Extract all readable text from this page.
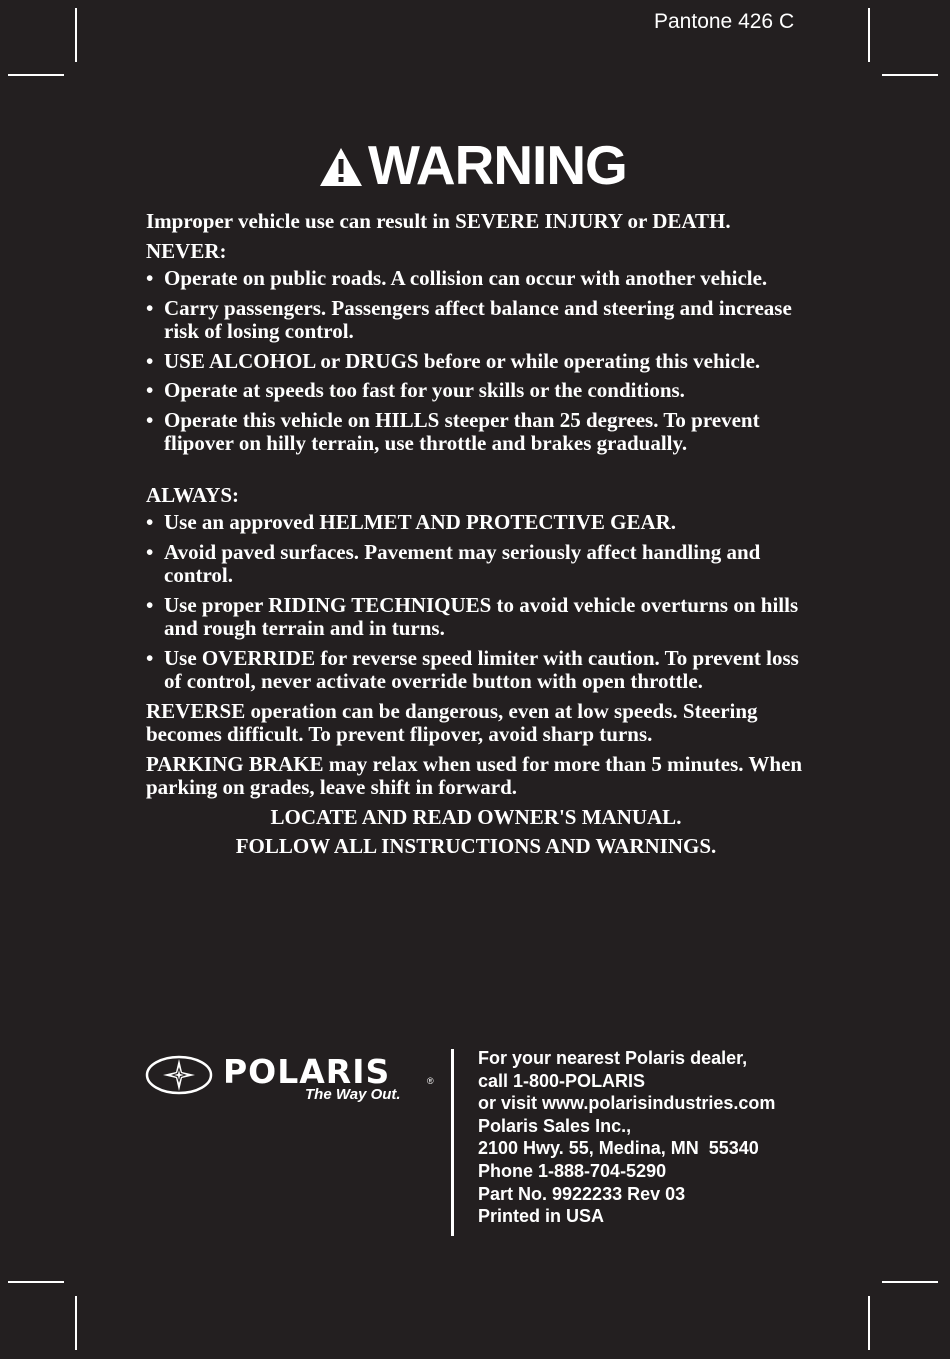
Pantone 426 C
WARNING
Improper vehicle use can result in SEVERE INJURY or DEATH.
NEVER:
• Operate on public roads. A collision can occur with another vehicle.
• Carry passengers. Passengers affect balance and steering and increase risk of losing control.
• USE ALCOHOL or DRUGS before or while operating this vehicle.
• Operate at speeds too fast for your skills or the conditions.
• Operate this vehicle on HILLS steeper than 25 degrees. To prevent flipover on hilly terrain, use throttle and brakes gradually.
ALWAYS:
• Use an approved HELMET AND PROTECTIVE GEAR.
• Avoid paved surfaces. Pavement may seriously affect handling and control.
• Use proper RIDING TECHNIQUES to avoid vehicle overturns on hills and rough terrain and in turns.
• Use OVERRIDE for reverse speed limiter with caution. To prevent loss of control, never activate override button with open throttle.
REVERSE operation can be dangerous, even at low speeds. Steering becomes difficult. To prevent flipover, avoid sharp turns.
PARKING BRAKE may relax when used for more than 5 minutes. When parking on grades, leave shift in forward.
LOCATE AND READ OWNER'S MANUAL.
FOLLOW ALL INSTRUCTIONS AND WARNINGS.
POLARIS	®
The Way Out.
For your nearest Polaris dealer,
call 1-800-POLARIS
or visit www.polarisindustries.com
Polaris Sales Inc.,
2100 Hwy. 55, Medina, MN  55340
Phone 1-888-704-5290
Part No. 9922233 Rev 03
Printed in USA
